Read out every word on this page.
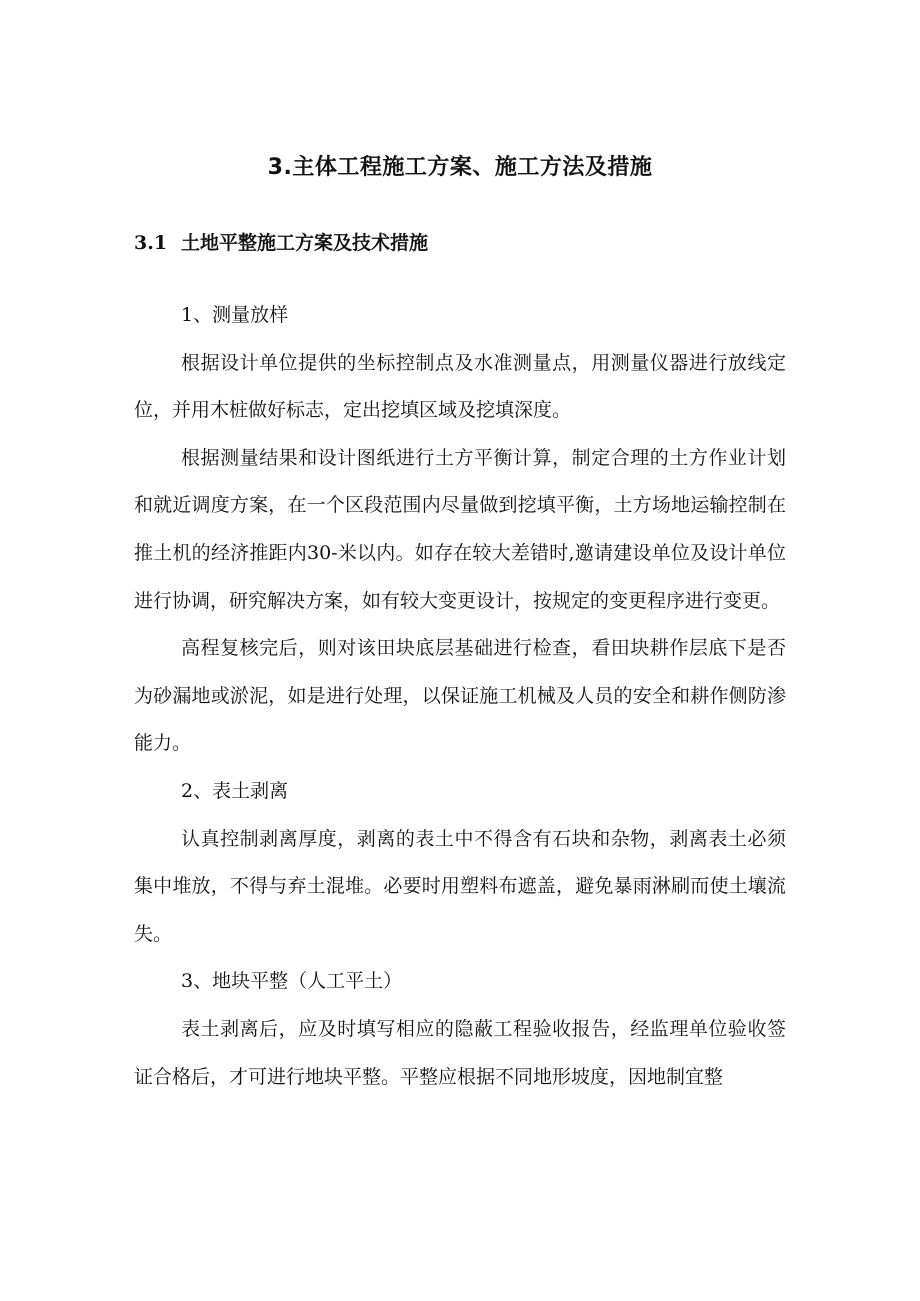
3.主体工程施工方案、施工方法及措施
3.1 土地平整施工方案及技术措施

1、测量放样

根据设计单位提供的坐标控制点及水准测量点，用测量仪器进行放线定位，并用木桩做好标志，定出挖填区域及挖填深度。

根据测量结果和设计图纸进行土方平衡计算，制定合理的土方作业计划和就近调度方案，在一个区段范围内尽量做到挖填平衡，土方场地运输控制在推土机的经济推距内30-米以内。如存在较大差错时,邀请建设单位及设计单位进行协调，研究解决方案，如有较大变更设计，按规定的变更程序进行变更。

高程复核完后，则对该田块底层基础进行检查，看田块耕作层底下是否为砂漏地或淤泥，如是进行处理，以保证施工机械及人员的安全和耕作侧防渗能力。

2、表土剥离

认真控制剥离厚度，剥离的表土中不得含有石块和杂物，剥离表土必须集中堆放，不得与弃土混堆。必要时用塑料布遮盖，避免暴雨淋刷而使土壤流失。

3、地块平整（人工平土）

表土剥离后，应及时填写相应的隐蔽工程验收报告，经监理单位验收签证合格后，才可进行地块平整。平整应根据不同地形坡度，因地制宜整
